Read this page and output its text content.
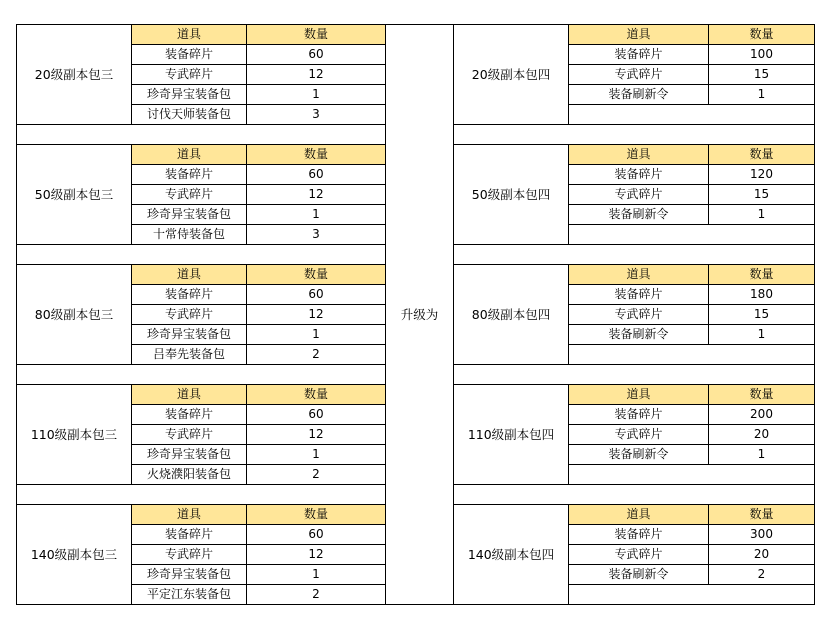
20级副本包三	道具	数量	升级为	20级副本包四	道具	数量
	装备碎片	60			装备碎片	100
	专武碎片	12			专武碎片	15
	珍奇异宝装备包	1			装备刷新令	1
	讨伐天师装备包	3				

50级副本包三	道具	数量		50级副本包四	道具	数量
	装备碎片	60			装备碎片	120
	专武碎片	12			专武碎片	15
	珍奇异宝装备包	1			装备刷新令	1
	十常侍装备包	3				

80级副本包三	道具	数量		80级副本包四	道具	数量
	装备碎片	60			装备碎片	180
	专武碎片	12			专武碎片	15
	珍奇异宝装备包	1			装备刷新令	1
	吕奉先装备包	2				

110级副本包三	道具	数量		110级副本包四	道具	数量
	装备碎片	60			装备碎片	200
	专武碎片	12			专武碎片	20
	珍奇异宝装备包	1			装备刷新令	1
	火烧濮阳装备包	2				

140级副本包三	道具	数量		140级副本包四	道具	数量
	装备碎片	60			装备碎片	300
	专武碎片	12			专武碎片	20
	珍奇异宝装备包	1			装备刷新令	2
	平定江东装备包	2				
